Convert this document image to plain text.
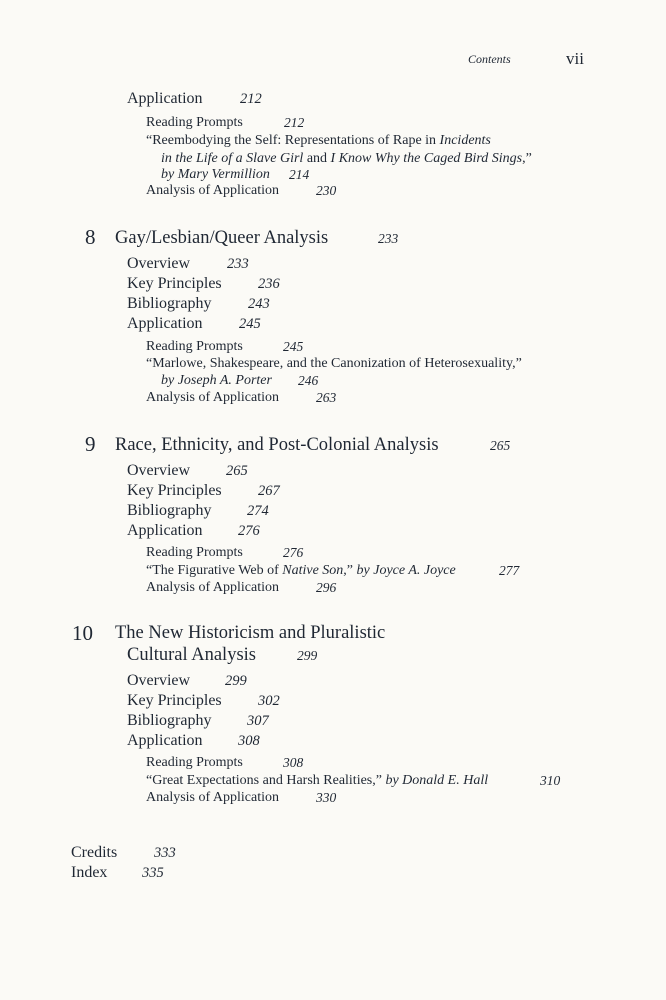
Contents	vii
Application	212
Reading Prompts	212
“Reembodying the Self: Representations of Rape in Incidents
in the Life of a Slave Girl and I Know Why the Caged Bird Sings,”
by Mary Vermillion 214
Analysis of Application	230
8 Gay/Lesbian/Queer Analysis	233
Overview	233
Key Principles	236
Bibliography	243
Application	245
Reading Prompts	245
“Marlowe, Shakespeare, and the Canonization of Heterosexuality,”
by Joseph A. Porter 246
Analysis of Application	263
9 Race, Ethnicity, and Post-Colonial Analysis	265
Overview 265
Key Principles	267
Bibliography 274
Application 276
Reading Prompts	276
“The Figurative Web of Native Son,” by Joyce A. Joyce	277
Analysis of Application	296
10 The New Historicism and Pluralistic
Cultural Analysis	299
Overview 299
Key Principles	302
Bibliography 307
Application 308
Reading Prompts	308
“Great Expectations and Harsh Realities,” by Donald E. Hall	310
Analysis of Application	330
Credits	333
Index 335
